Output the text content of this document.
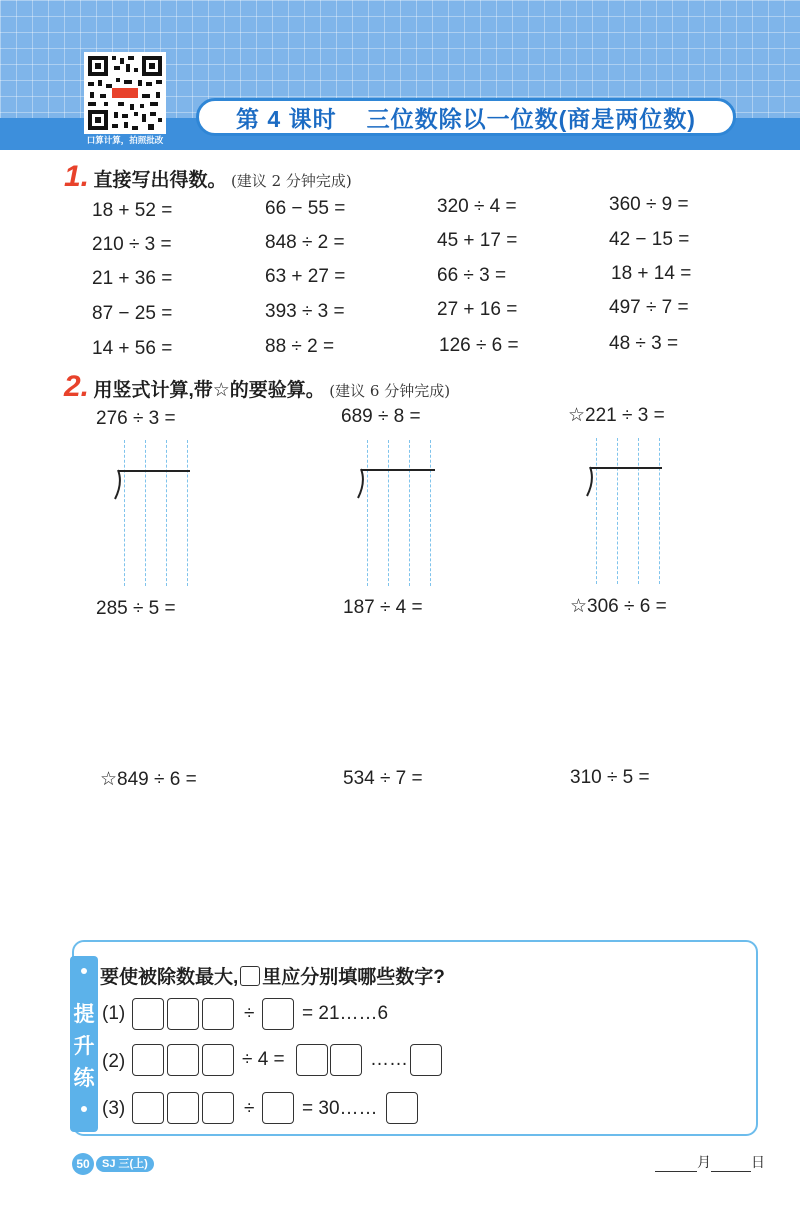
口算计算，拍照批改
第 4 课时 三位数除以一位数(商是两位数)
1. 直接写出得数。 (建议 2 分钟完成)
18 + 52 =	66 − 55 =	320 ÷ 4 =	360 ÷ 9 =
210 ÷ 3 =	848 ÷ 2 =	45 + 17 =	42 − 15 =
21 + 36 =	63 + 27 =	66 ÷ 3 =	18 + 14 =
87 − 25 =	393 ÷ 3 =	27 + 16 =	497 ÷ 7 =
14 + 56 =	88 ÷ 2 =	126 ÷ 6 =	48 ÷ 3 =
2. 用竖式计算,带☆的要验算。 (建议 6 分钟完成)
276 ÷ 3 =	689 ÷ 8 =	☆221 ÷ 3 =
285 ÷ 5 =	187 ÷ 4 =	☆306 ÷ 6 =
☆849 ÷ 6 =	534 ÷ 7 =	310 ÷ 5 =
提
升
练
要使被除数最大, 里应分别填哪些数字?
(1)	÷	= 21……6
(2)	÷ 4 =	……
(3)	÷	= 30……
50	SJ 三(上)	月	日
